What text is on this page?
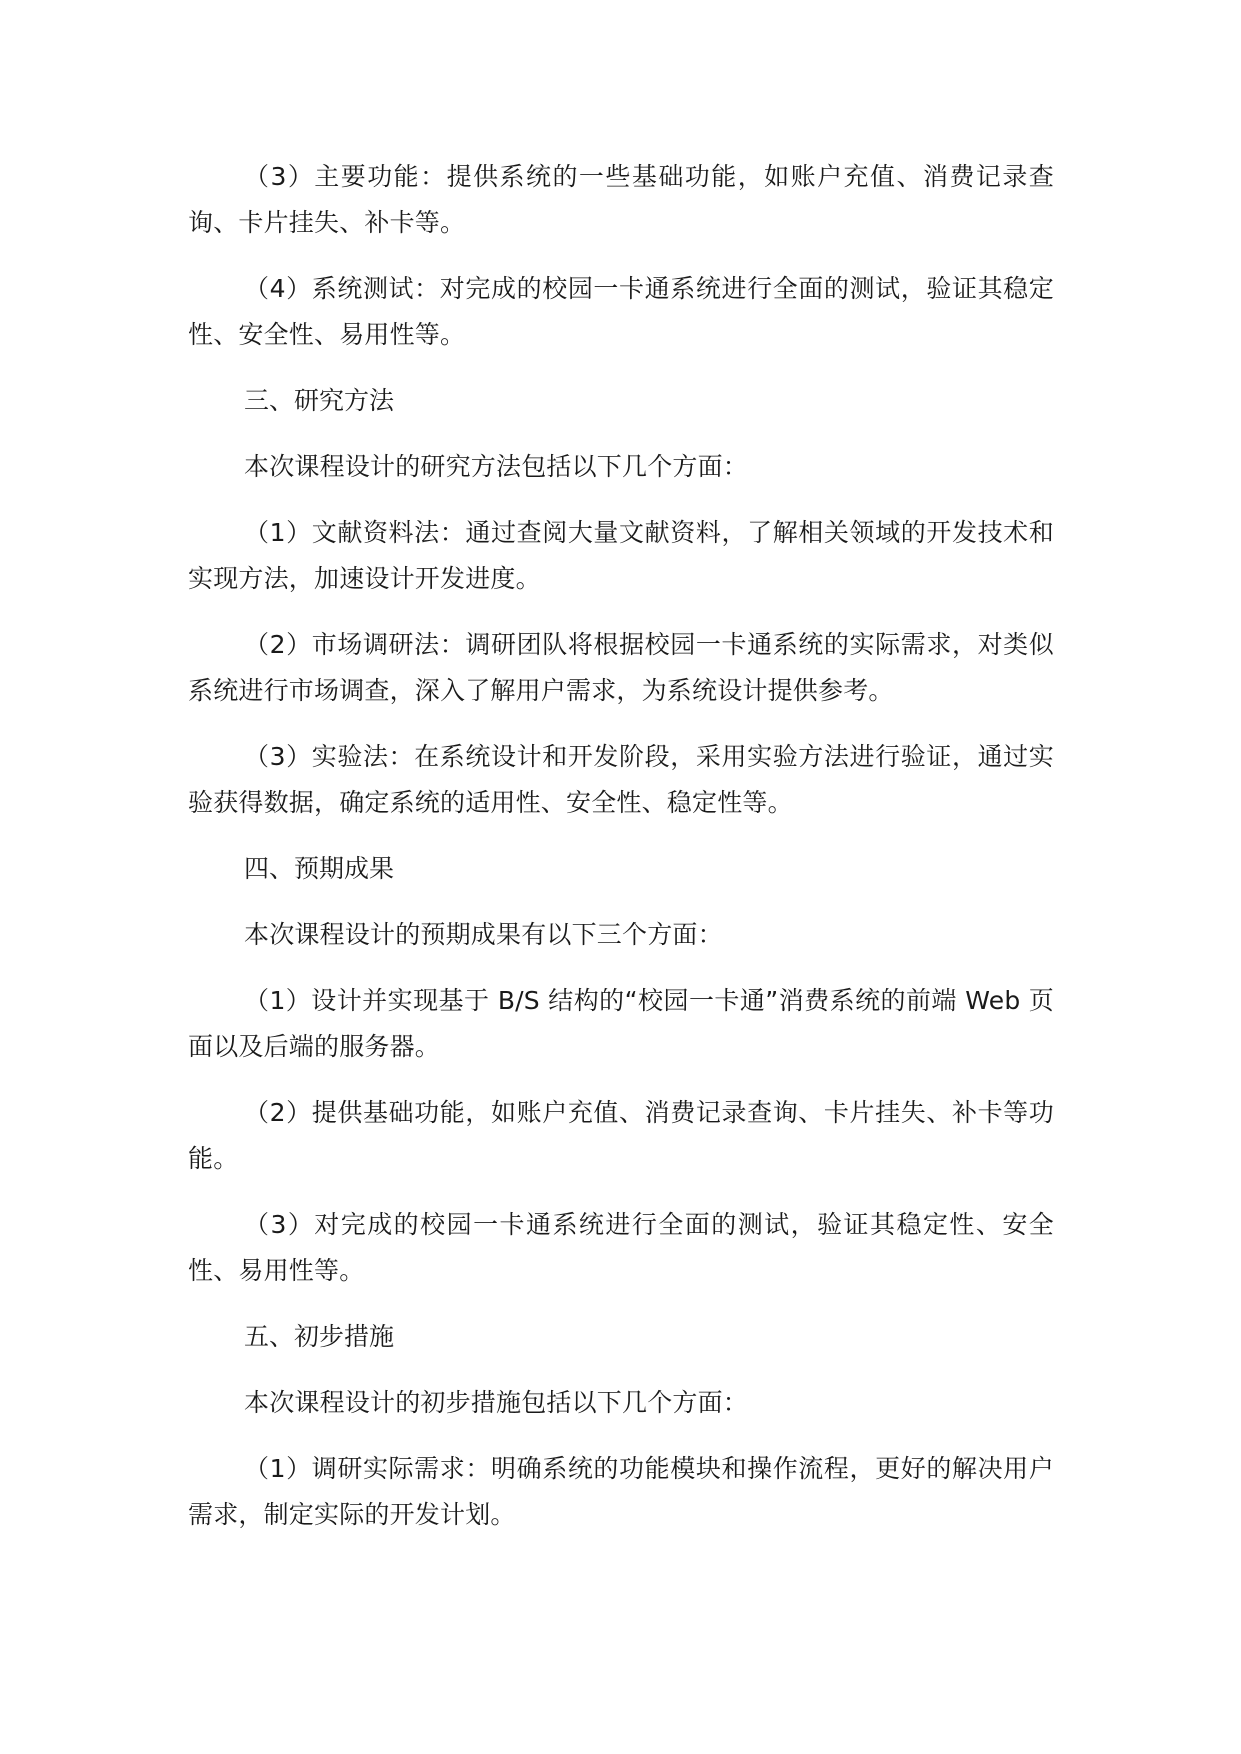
（3）主要功能：提供系统的一些基础功能，如账户充值、消费记录查询、卡片挂失、补卡等。

（4）系统测试：对完成的校园一卡通系统进行全面的测试，验证其稳定性、安全性、易用性等。

三、研究方法

本次课程设计的研究方法包括以下几个方面：

（1）文献资料法：通过查阅大量文献资料，了解相关领域的开发技术和实现方法，加速设计开发进度。

（2）市场调研法：调研团队将根据校园一卡通系统的实际需求，对类似系统进行市场调查，深入了解用户需求，为系统设计提供参考。

（3）实验法：在系统设计和开发阶段，采用实验方法进行验证，通过实验获得数据，确定系统的适用性、安全性、稳定性等。

四、预期成果

本次课程设计的预期成果有以下三个方面：

（1）设计并实现基于 B/S 结构的“校园一卡通”消费系统的前端 Web 页面以及后端的服务器。

（2）提供基础功能，如账户充值、消费记录查询、卡片挂失、补卡等功能。

（3）对完成的校园一卡通系统进行全面的测试，验证其稳定性、安全性、易用性等。

五、初步措施

本次课程设计的初步措施包括以下几个方面：

（1）调研实际需求：明确系统的功能模块和操作流程，更好的解决用户需求，制定实际的开发计划。
